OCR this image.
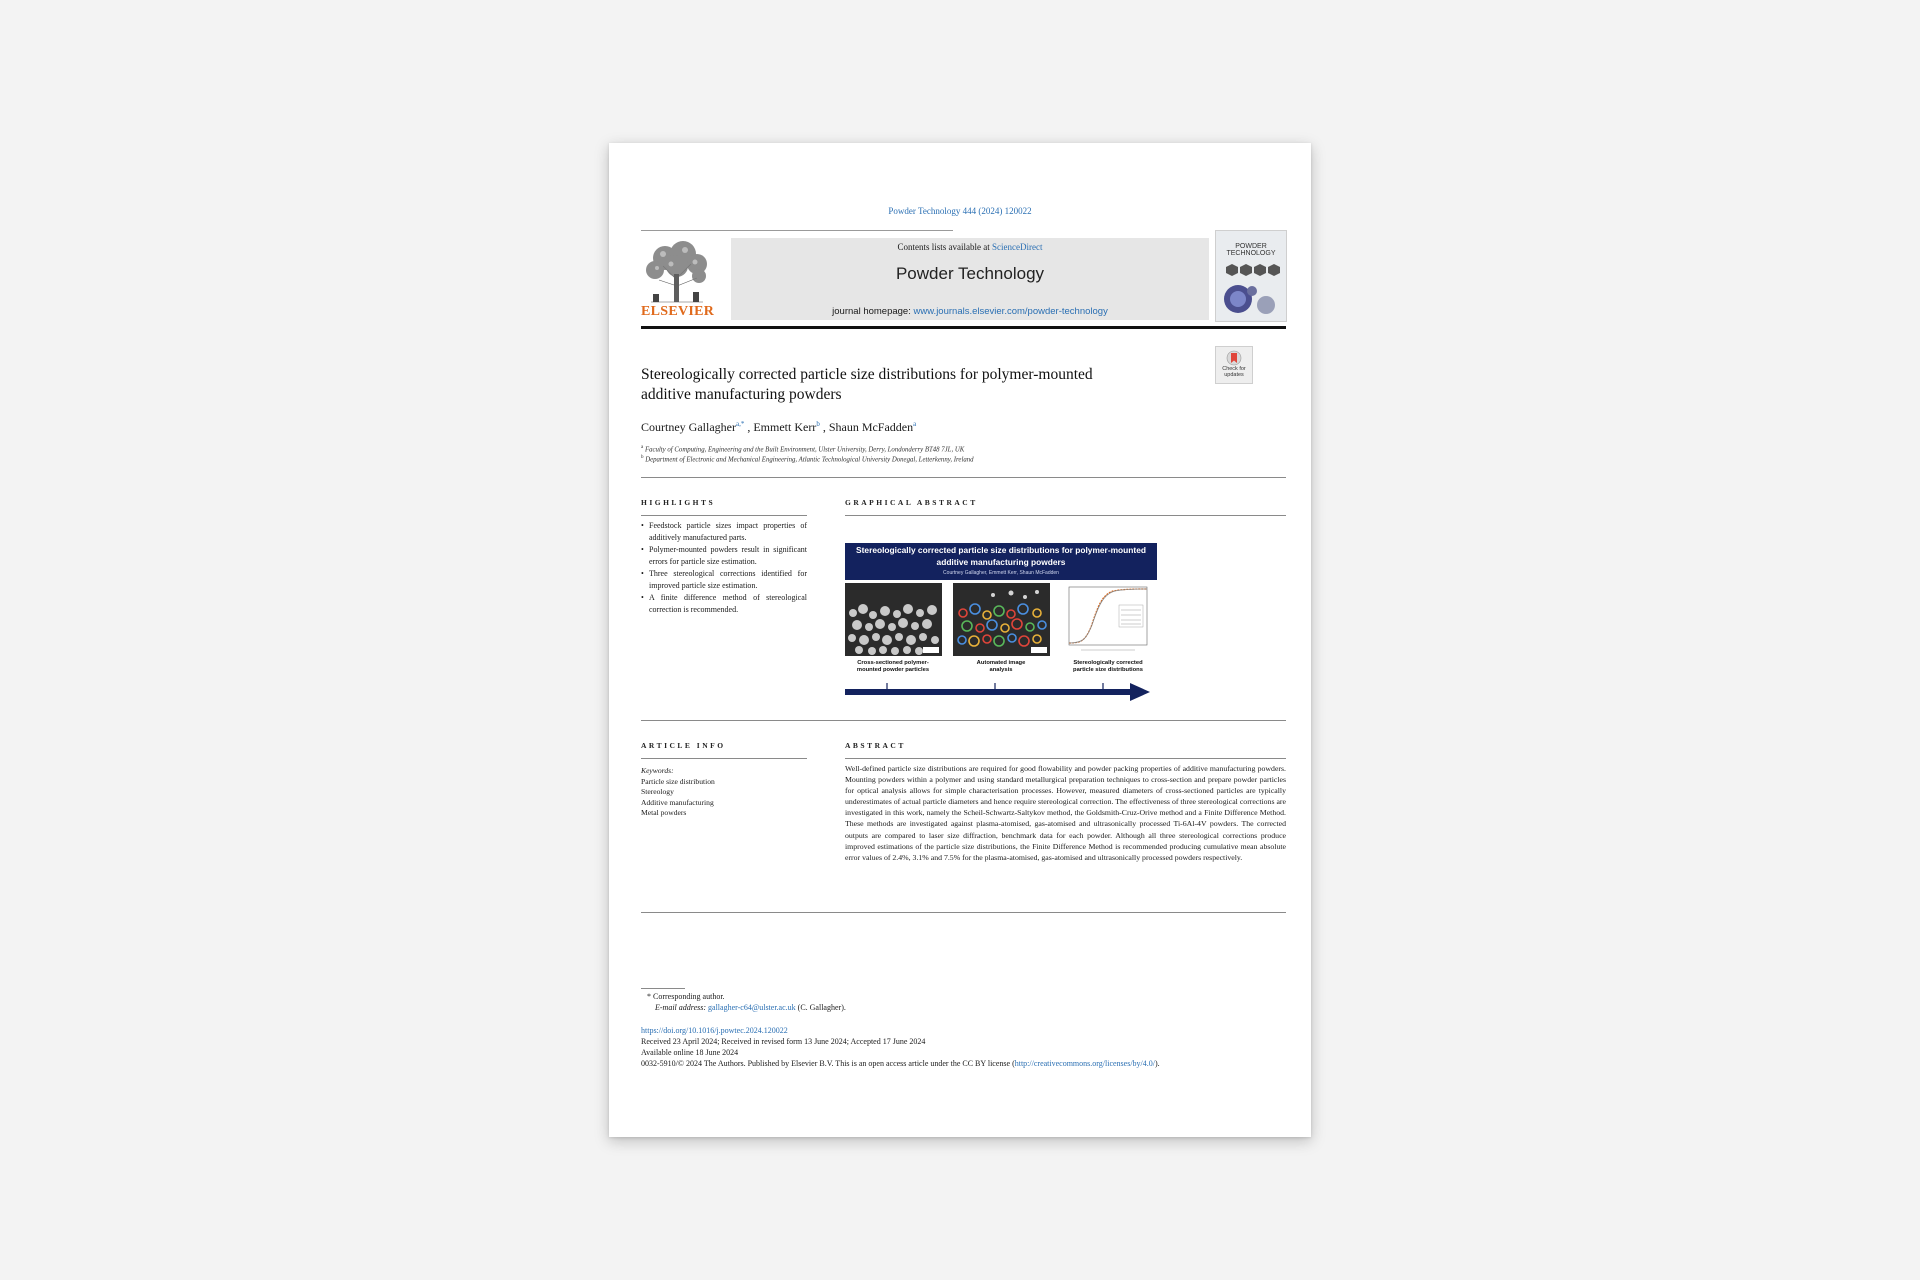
Powder Technology 444 (2024) 120022
ELSEVIER
Contents lists available at ScienceDirect
Powder Technology
journal homepage: www.journals.elsevier.com/powder-technology
POWDER
TECHNOLOGY
Stereologically corrected particle size distributions for polymer-mounted
additive manufacturing powders
Check for
updates
Courtney Gallagher$^{a,*}$ , Emmett Kerr$^b$ , Shaun McFadden$^a$
$^a$ Faculty of Computing, Engineering and the Built Environment, Ulster University, Derry, Londonderry BT48 7JL, UK
$^b$ Department of Electronic and Mechanical Engineering, Atlantic Technological University Donegal, Letterkenny, Ireland
HIGHLIGHTS
• Feedstock particle sizes impact properties of additively manufactured parts.
• Polymer-mounted powders result in significant errors for particle size estimation.
• Three stereological corrections identified for improved particle size estimation.
• A finite difference method of stereological correction is recommended.
GRAPHICAL ABSTRACT
Stereologically corrected particle size distributions for polymer-mounted
additive manufacturing powders
Courtney Gallagher, Emmett Kerr, Shaun McFadden
Cross-sectioned polymer-
mounted powder particles
Automated image
analysis
Stereologically corrected
particle size distributions
ARTICLE INFO
Keywords:
Particle size distribution
Stereology
Additive manufacturing
Metal powders
ABSTRACT
Well-defined particle size distributions are required for good flowability and powder packing properties of additive manufacturing powders. Mounting powders within a polymer and using standard metallurgical preparation techniques to cross-section and prepare powder particles for optical analysis allows for simple characterisation processes. However, measured diameters of cross-sectioned particles are typically underestimates of actual particle diameters and hence require stereological correction. The effectiveness of three stereological corrections are investigated in this work, namely the Scheil-Schwartz-Saltykov method, the Goldsmith-Cruz-Orive method and a Finite Difference Method. These methods are investigated against plasma-atomised, gas-atomised and ultrasonically processed Ti-6Al-4V powders. The corrected outputs are compared to laser size diffraction, benchmark data for each powder. Although all three stereological corrections produce improved estimations of the particle size distributions, the Finite Difference Method is recommended producing cumulative mean absolute error values of 2.4%, 3.1% and 7.5% for the plasma-atomised, gas-atomised and ultrasonically processed powders respectively.
* Corresponding author.
E-mail address: gallagher-c64@ulster.ac.uk (C. Gallagher).
https://doi.org/10.1016/j.powtec.2024.120022
Received 23 April 2024; Received in revised form 13 June 2024; Accepted 17 June 2024
Available online 18 June 2024
0032-5910/© 2024 The Authors. Published by Elsevier B.V. This is an open access article under the CC BY license (http://creativecommons.org/licenses/by/4.0/).
